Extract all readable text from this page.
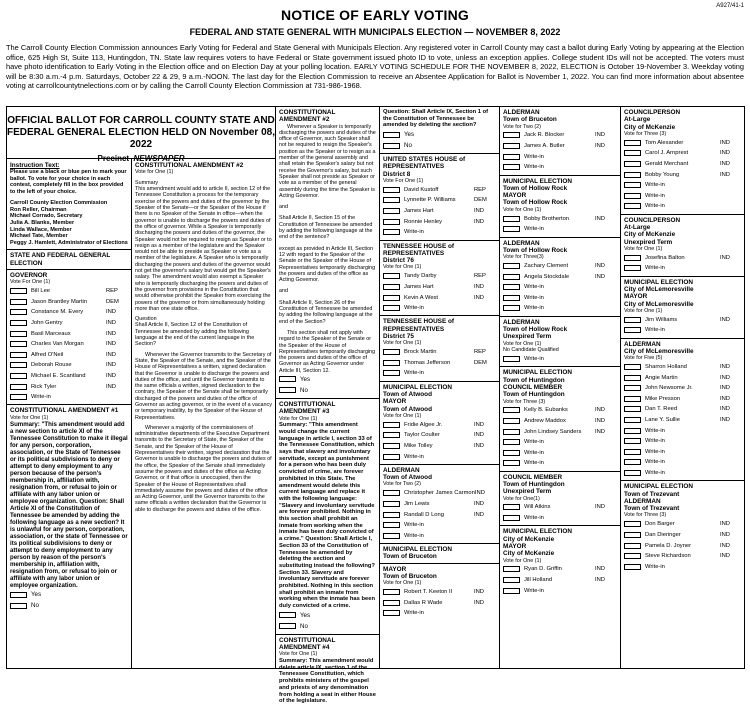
A927/41-1
NOTICE OF EARLY VOTING
FEDERAL AND STATE GENERAL WITH MUNICIPALS ELECTION — NOVEMBER 8, 2022
The Carroll County Election Commission announces Early Voting for Federal and State General with Municipals Election. Any registered voter in Carroll County may cast a ballot during Early Voting by appearing at the Election office, 625 High St, Suite 113, Huntingdon, TN. State law requires voters to have Federal or State government issued photo ID to vote, unless an exception applies. College student IDs will not be accepted. The voters must have photo identification to Early Voting in the Election office and on Election Day at your polling location. EARLY VOTING SCHEDULE FOR THE NOVEMBER 8, 2022, ELECTION is October 19-November 3. Weekday voting will be 8:30 a.m.-4 p.m. Saturdays, October 22 & 29, 9 a.m.-NOON. The last day for the Election Commission to receive an Absentee Application for Ballot is November 1, 2022. You can find more information about absentee voting at carrollcountytnelections.com or by calling the Carroll County Election Commission at 731-986-1968.
OFFICIAL BALLOT FOR CARROLL COUNTY STATE AND FEDERAL GENERAL ELECTION HELD ON November 08, 2022
Precinct NEWSPAPER
Instruction Text:
Please use a black or blue pen to mark your ballot. To vote for your choice in each contest, completely fill in the box provided to the left of your choice.
Carroll County Election Commission
Ron Reller, Chairman
Michael Corrado, Secretary
Julia A. Blanks, Member
Linda Wallace, Member
Michael Tate, Member
Peggy J. Hamlett, Administrator of Elections
STATE AND FEDERAL GENERAL ELECTION
GOVERNOR
Vote For One (1)
Bill Lee	REP
Jason Brantley Martin	DEM
Constance M. Every	IND
John Gentry	IND
Basil Marceaux	IND
Charles Van Morgan	IND
Alfred O'Neil	IND
Deborah Rouse	IND
Michael E. Scantland	IND
Rick Tyler	IND
Write-in
CONSTITUTIONAL AMENDMENT #1
Vote for One (1)
Summary: "This amendment would add a new section to article XI of the Tennessee Constitution to make it illegal for any person, corporation, association, or the State of Tennessee or its political subdivisions to deny or attempt to deny employment to any person because of the person's membership in, affiliation with, resignation from, or refusal to join or affiliate with any labor union or employee organization. Question: Shall Article XI of the Constitution of Tennessee be amended by adding the following language as a new section? It is unlawful for any person, corporation, association, or the state of Tennessee or its political subdivisions to deny or attempt to deny employment to any person by reason of the person's membership in, affiliation with, resignation from, or refusal to join or affiliate with any labor union or employee organization.
Yes
No
CONSTITUTIONAL AMENDMENT #2
Vote for One (1)
Summary
This amendment would add to article II, section 12 of the Tennessee Constitution a process for the temporary exercise of the powers and duties of the governor by the Speaker of the Senate—or the Speaker of the House if there is no Speaker of the Senate in office—when the governor is unable to discharge the powers and duties of the office of governor. While a Speaker is temporarily discharging the powers and duties of the governor, the Speaker would not be required to resign as Speaker or to resign as a member of the legislature and the Speaker would not be able to preside as Speaker or vote as a member of the legislature. A Speaker who is temporarily discharging the powers and duties of the governor would not get the governor's salary but would get the Speaker's salary. The amendment would also exempt a Speaker who is temporarily discharging the powers and duties of the governor from provisions in the Constitution that would otherwise prohibit the Speaker from exercising the powers of the governor or from simultaneously holding more than one state office.
Question
Shall Article II, Section 12 of the Constitution of Tennessee be amended by adding the following language at the end of the current language in the Section?
Whenever the Governor transmits to the Secretary of State, the Speaker of the Senate, and the Speaker of the House of Representatives a written, signed declaration that the Governor is unable to discharge the powers and duties of the office, and until the Governor transmits to the same officials a written, signed declaration to the contrary, the Speaker of the Senate shall be temporarily discharged of the powers and duties of the office of Governor as acting governor, or in the event of a vacancy or temporary inability, by the Speaker of the House of Representatives.
Whenever a majority of the commissioners of administrative departments of the Executive Department transmits to the Secretary of State, the Speaker of the Senate, and the Speaker of the House of Representatives their written, signed declaration that the Governor is unable to discharge the powers and duties of the office, the Speaker of the Senate shall immediately assume the powers and duties of the office as Acting Governor, or if that office is unoccupied, then the Speaker of the House of Representatives shall immediately assume the powers and duties of the office as Acting Governor, until the Governor transmits to the same officials a written declaration that the Governor is able to discharge the powers and duties of the office.
CONSTITUTIONAL AMENDMENT #2
Whenever a Speaker is temporarily discharging the powers and duties of the office of Governor, such Speaker shall not be required to resign the Speaker's position as the Speaker or to resign as a member of the general assembly and shall retain the Speaker's salary but not receive the Governor's salary, but such Speaker shall not preside as Speaker or vote as a member of the general assembly during the time the Speaker is Acting Governor.
and
Shall Article II, Section 15 of the Constitution of Tennessee be amended by adding the following language at the end of the sentence?
except as provided in Article III, Section 12 with regard to the Speaker of the Senate or the Speaker of the House of Representatives temporarily discharging the powers and duties of the office as Acting Governor.
and
Shall Article II, Section 26 of the Constitution of Tennessee be amended by adding the following language at the end of the Section?
This section shall not apply with regard to the Speaker of the Senate or the Speaker of the House of Representatives temporarily discharging the powers and duties of the office of Governor as Acting Governor under Article III, Section 12.
Yes
No
CONSTITUTIONAL AMENDMENT #3
Vote for One (1)
Summary: "This amendment would change the current language in article I, section 33 of the Tennessee Constitution, which says that slavery and involuntary servitude, except as punishment for a person who has been duly convicted of crime, are forever prohibited in this State. The amendment would delete this current language and replace it with the following language: "Slavery and involuntary servitude are forever prohibited. Nothing in this section shall prohibit an inmate from working when the inmate has been duly convicted of a crime." Question: Shall Article I, Section 33 of the Constitution of Tennessee be amended by deleting the section and substituting instead the following? Section 33. Slavery and involuntary servitude are forever prohibited. Nothing in this section shall prohibit an inmate from working when the inmate has been duly convicted of a crime.
Yes
No
CONSTITUTIONAL AMENDMENT #4
Vote for One (1)
Summary: This amendment would delete article IX, section 1 of the Tennessee Constitution, which prohibits ministers of the gospel and priests of any denomination from holding a seat in either House of the legislature.
Question: Shall Article IX, Section 1 of the Constitution of Tennessee be amended by deleting the section?
Yes
No
UNITED STATES HOUSE of REPRESENTATIVES
District 8
Vote For One (1)
David Kustoff	REP
Lynnette P. Williams	DEM
James Hart	IND
Ronnie Henley	IND
Write-in
TENNESSEE HOUSE of REPRESENTATIVES
District 76
Vote for One (1)
Tandy Darby	REP
James Hart	IND
Kevin A West	IND
Write-in
TENNESSEE HOUSE of REPRESENTATIVES
District 75
Vote for One (1)
Brock Martin	REP
Thomas Jefferson	DEM
Write-in
MUNICIPAL ELECTION
Town of Atwood
MAYOR
Town of Atwood
Vote for One (1)
Fridie Algee Jr.	IND
Taylor Coulter	IND
Mike Tolley	IND
Write-in
ALDERMAN
Town of Atwood
Vote for Two (2)
Christopher James Carmon IND
Jim Lewis	IND
Randall D Long	IND
Write-in
Write-in
MUNICIPAL ELECTION
Town of Bruceton
MAYOR
Town of Bruceton
Vote for One (1)
Robert T. Keeton II	IND
Dallas R Wade	IND
Write-in
ALDERMAN
Town of Bruceton
Vote for Two (2)
Jack R. Blocker	IND
James A. Butler	IND
Write-in
Write-in
MUNICIPAL ELECTION
Town of Hollow Rock
MAYOR
Town of Hollow Rock
Vote for One (1)
Bobby Brotherton	IND
Write-in
ALDERMAN
Town of Hollow Rock
Vote for Three(3)
Zachary Clement	IND
Angela Stockdale	IND
Write-in
Write-in
Write-in
ALDERMAN
Town of Hollow Rock
Unexpired Term
Vote for One (1)
No Candidate Qualified
Write-in
MUNICIPAL ELECTION
Town of Huntingdon
COUNCIL MEMBER
Town of Huntingdon
Vote for Three (3)
Kelly B. Eubanks	IND
Andrew Maddox	IND
John Lindsey Sanders	IND
Write-in
Write-in
Write-in
COUNCIL MEMBER
Town of Huntingdon
Unexpired Term
Vote for One(1)
Will Atkins	IND
Write-in
MUNICIPAL ELECTION
City of McKenzie
MAYOR
City of McKenzie
Vote for One (1)
Ryan D. Griffin	IND
Jill Holland	IND
Write-in
COUNCILPERSON
At-Large
City of McKenzie
Vote for Three (3)
Tom Alexander	IND
Carol J. Arnprest	IND
Gerald Merchant	IND
Bobby Young	IND
Write-in
Write-in
Write-in
COUNCILPERSON
At-Large
City of McKenzie
Unexpired Term
Vote for One (1)
Josefina Balton	IND
Write-in
MUNICIPAL ELECTION
City of McLemoresville
MAYOR
City of McLemoresville
Vote for One (1)
Jim Williams	IND
Write-in
ALDERMAN
City of McLemoresville
Vote for Five (5)
Sharron Holland	IND
Angie Martin	IND
John Newsome Jr.	IND
Mike Presson	IND
Dan T. Reed	IND
Lane Y. Sullie	IND
Write-in
Write-in
Write-in
Write-in
Write-in
MUNICIPAL ELECTION
Town of Trezevant
ALDERMAN
Town of Trezevant
Vote for Three (3)
Don Barger	IND
Dan Dieringer	IND
Pamela D. Joyner	IND
Steve Richardson	IND
Write-in
